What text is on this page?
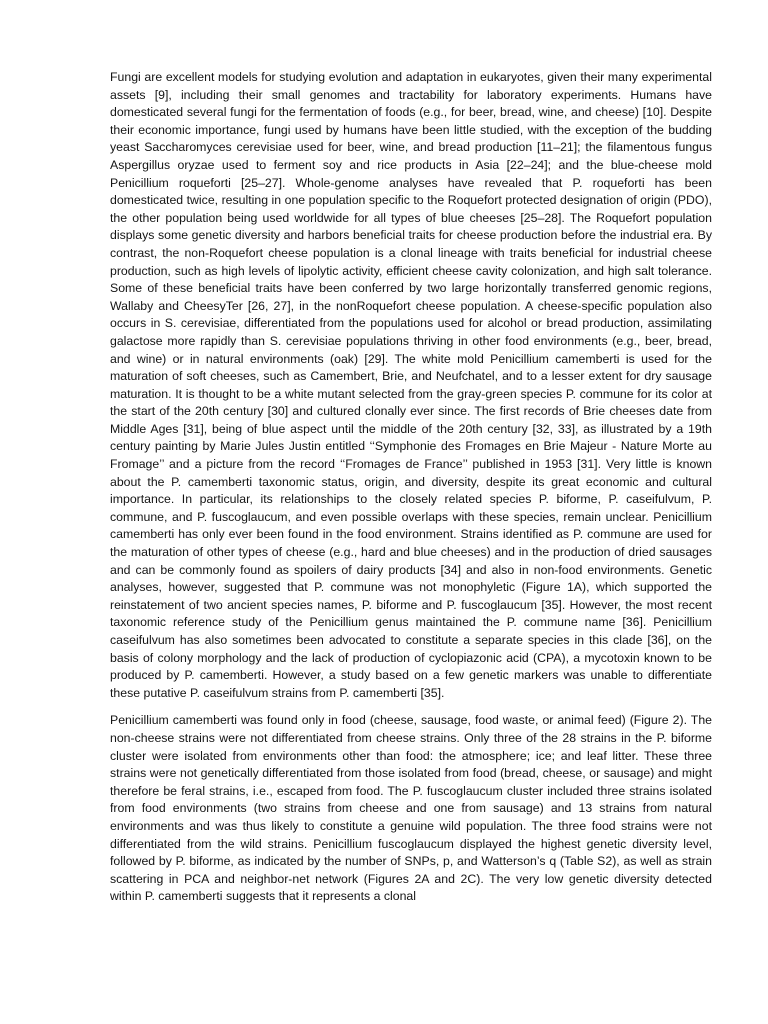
Fungi are excellent models for studying evolution and adaptation in eukaryotes, given their many experimental assets [9], including their small genomes and tractability for laboratory experiments. Humans have domesticated several fungi for the fermentation of foods (e.g., for beer, bread, wine, and cheese) [10]. Despite their economic importance, fungi used by humans have been little studied, with the exception of the budding yeast Saccharomyces cerevisiae used for beer, wine, and bread production [11–21]; the filamentous fungus Aspergillus oryzae used to ferment soy and rice products in Asia [22–24]; and the blue-cheese mold Penicillium roqueforti [25–27]. Whole-genome analyses have revealed that P. roqueforti has been domesticated twice, resulting in one population specific to the Roquefort protected designation of origin (PDO), the other population being used worldwide for all types of blue cheeses [25–28]. The Roquefort population displays some genetic diversity and harbors beneficial traits for cheese production before the industrial era. By contrast, the non-Roquefort cheese population is a clonal lineage with traits beneficial for industrial cheese production, such as high levels of lipolytic activity, efficient cheese cavity colonization, and high salt tolerance. Some of these beneficial traits have been conferred by two large horizontally transferred genomic regions, Wallaby and CheesyTer [26, 27], in the nonRoquefort cheese population. A cheese-specific population also occurs in S. cerevisiae, differentiated from the populations used for alcohol or bread production, assimilating galactose more rapidly than S. cerevisiae populations thriving in other food environments (e.g., beer, bread, and wine) or in natural environments (oak) [29]. The white mold Penicillium camemberti is used for the maturation of soft cheeses, such as Camembert, Brie, and Neufchatel, and to a lesser extent for dry sausage maturation. It is thought to be a white mutant selected from the gray-green species P. commune for its color at the start of the 20th century [30] and cultured clonally ever since. The first records of Brie cheeses date from Middle Ages [31], being of blue aspect until the middle of the 20th century [32, 33], as illustrated by a 19th century painting by Marie Jules Justin entitled ‘‘Symphonie des Fromages en Brie Majeur - Nature Morte au Fromage’’ and a picture from the record ‘‘Fromages de France’’ published in 1953 [31]. Very little is known about the P. camemberti taxonomic status, origin, and diversity, despite its great economic and cultural importance. In particular, its relationships to the closely related species P. biforme, P. caseifulvum, P. commune, and P. fuscoglaucum, and even possible overlaps with these species, remain unclear. Penicillium camemberti has only ever been found in the food environment. Strains identified as P. commune are used for the maturation of other types of cheese (e.g., hard and blue cheeses) and in the production of dried sausages and can be commonly found as spoilers of dairy products [34] and also in non-food environments. Genetic analyses, however, suggested that P. commune was not monophyletic (Figure 1A), which supported the reinstatement of two ancient species names, P. biforme and P. fuscoglaucum [35]. However, the most recent taxonomic reference study of the Penicillium genus maintained the P. commune name [36]. Penicillium caseifulvum has also sometimes been advocated to constitute a separate species in this clade [36], on the basis of colony morphology and the lack of production of cyclopiazonic acid (CPA), a mycotoxin known to be produced by P. camemberti. However, a study based on a few genetic markers was unable to differentiate these putative P. caseifulvum strains from P. camemberti [35].

Penicillium camemberti was found only in food (cheese, sausage, food waste, or animal feed) (Figure 2). The non-cheese strains were not differentiated from cheese strains. Only three of the 28 strains in the P. biforme cluster were isolated from environments other than food: the atmosphere; ice; and leaf litter. These three strains were not genetically differentiated from those isolated from food (bread, cheese, or sausage) and might therefore be feral strains, i.e., escaped from food. The P. fuscoglaucum cluster included three strains isolated from food environments (two strains from cheese and one from sausage) and 13 strains from natural environments and was thus likely to constitute a genuine wild population. The three food strains were not differentiated from the wild strains. Penicillium fuscoglaucum displayed the highest genetic diversity level, followed by P. biforme, as indicated by the number of SNPs, p, and Watterson’s q (Table S2), as well as strain scattering in PCA and neighbor-net network (Figures 2A and 2C). The very low genetic diversity detected within P. camemberti suggests that it represents a clonal
